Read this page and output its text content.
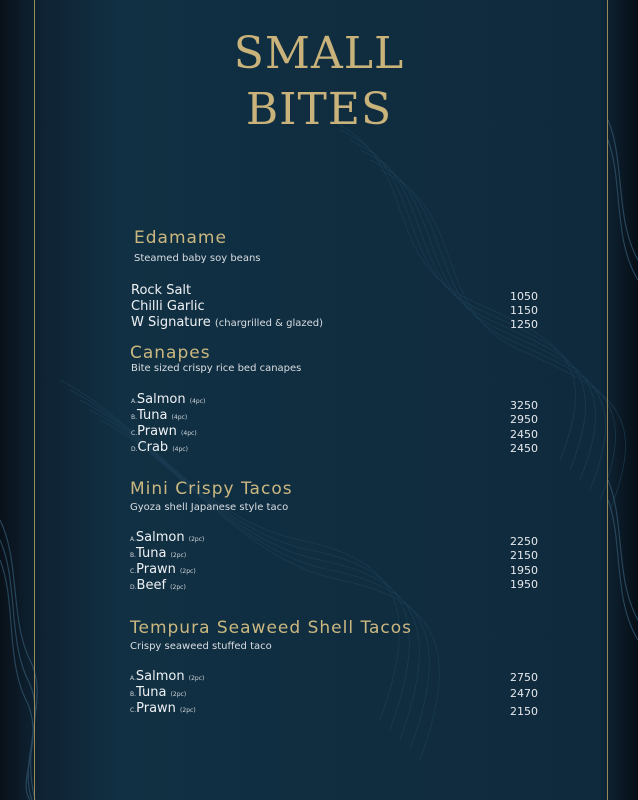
SMALL
BITES
Edamame
Steamed baby soy beans
Rock Salt	1050
Chilli Garlic	1150
W Signature (chargrilled & glazed)	1250
Canapes
Bite sized crispy rice bed canapes
A.Salmon (4pc)	3250
B.Tuna (4pc)	2950
C.Prawn (4pc)	2450
D.Crab (4pc)	2450
Mini Crispy Tacos
Gyoza shell Japanese style taco
A.Salmon (2pc)	2250
B.Tuna (2pc)	2150
C.Prawn (2pc)	1950
D.Beef (2pc)	1950
Tempura Seaweed Shell Tacos
Crispy seaweed stuffed taco
A.Salmon (2pc)	2750
B.Tuna (2pc)	2470
C.Prawn (2pc)	2150
